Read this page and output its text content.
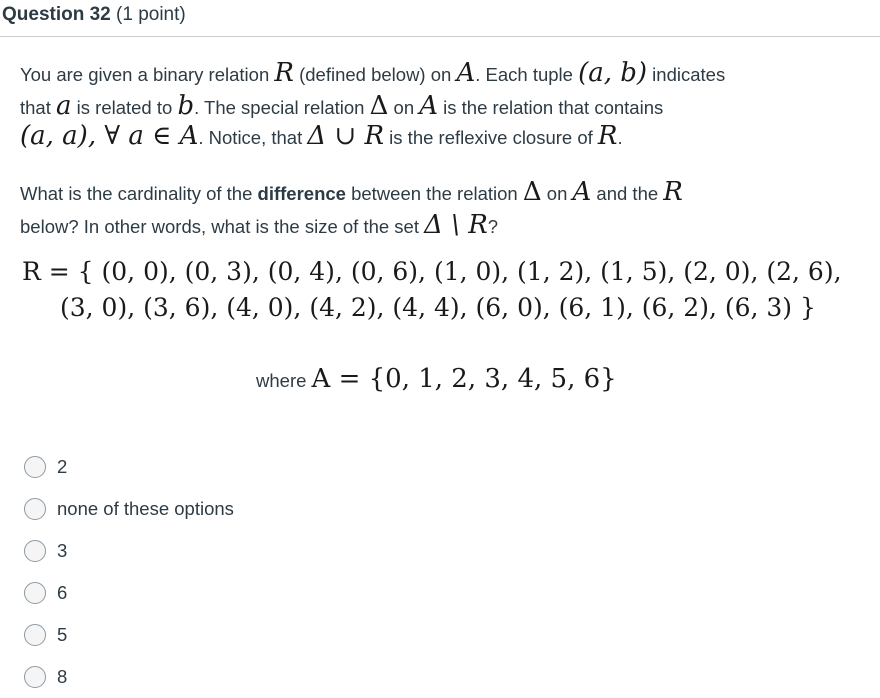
Question 32 (1 point)
You are given a binary relation R (defined below) on A. Each tuple (a, b) indicates
that a is related to b. The special relation Δ on A is the relation that contains
(a, a), ∀ a ∈ A. Notice, that Δ ∪ R is the reflexive closure of R.
What is the cardinality of the difference between the relation Δ on A and the R
below? In other words, what is the size of the set Δ \ R?
R = { (0, 0), (0, 3), (0, 4), (0, 6), (1, 0), (1, 2), (1, 5), (2, 0), (2, 6),
(3, 0), (3, 6), (4, 0), (4, 2), (4, 4), (6, 0), (6, 1), (6, 2), (6, 3) }
where A = {0, 1, 2, 3, 4, 5, 6}
2
none of these options
3
6
5
8
